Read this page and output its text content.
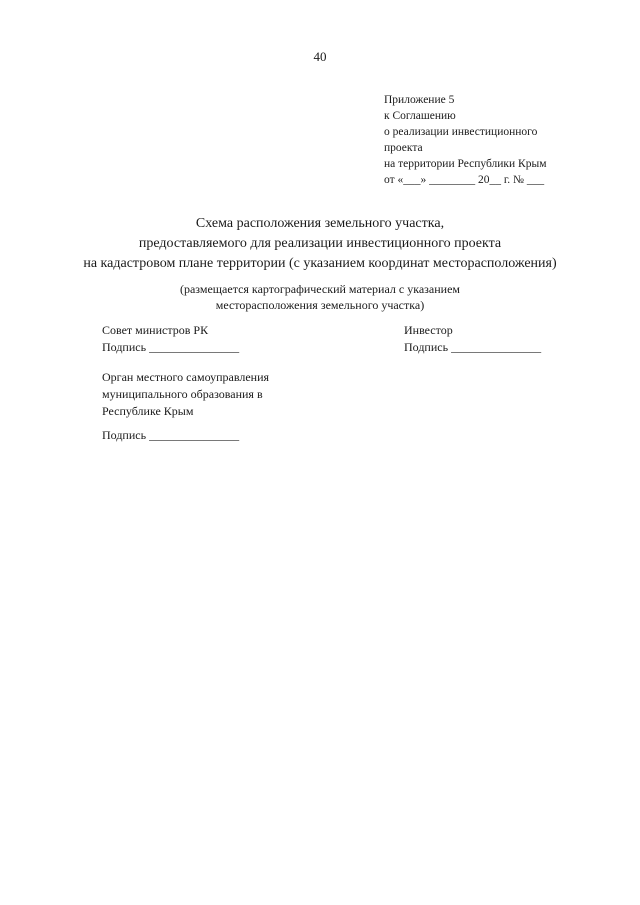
40
Приложение 5
к Соглашению
о реализации инвестиционного
проекта
на территории Республики Крым
от «___» ________ 20__ г. № ___
Схема расположения земельного участка,
предоставляемого для реализации инвестиционного проекта
на кадастровом плане территории (с указанием координат месторасположения)
(размещается картографический материал с указанием
месторасположения земельного участка)
Совет министров РК
Подпись _______________
Инвестор
Подпись _______________
Орган местного самоуправления
муниципального образования в
Республике Крым
Подпись _______________
